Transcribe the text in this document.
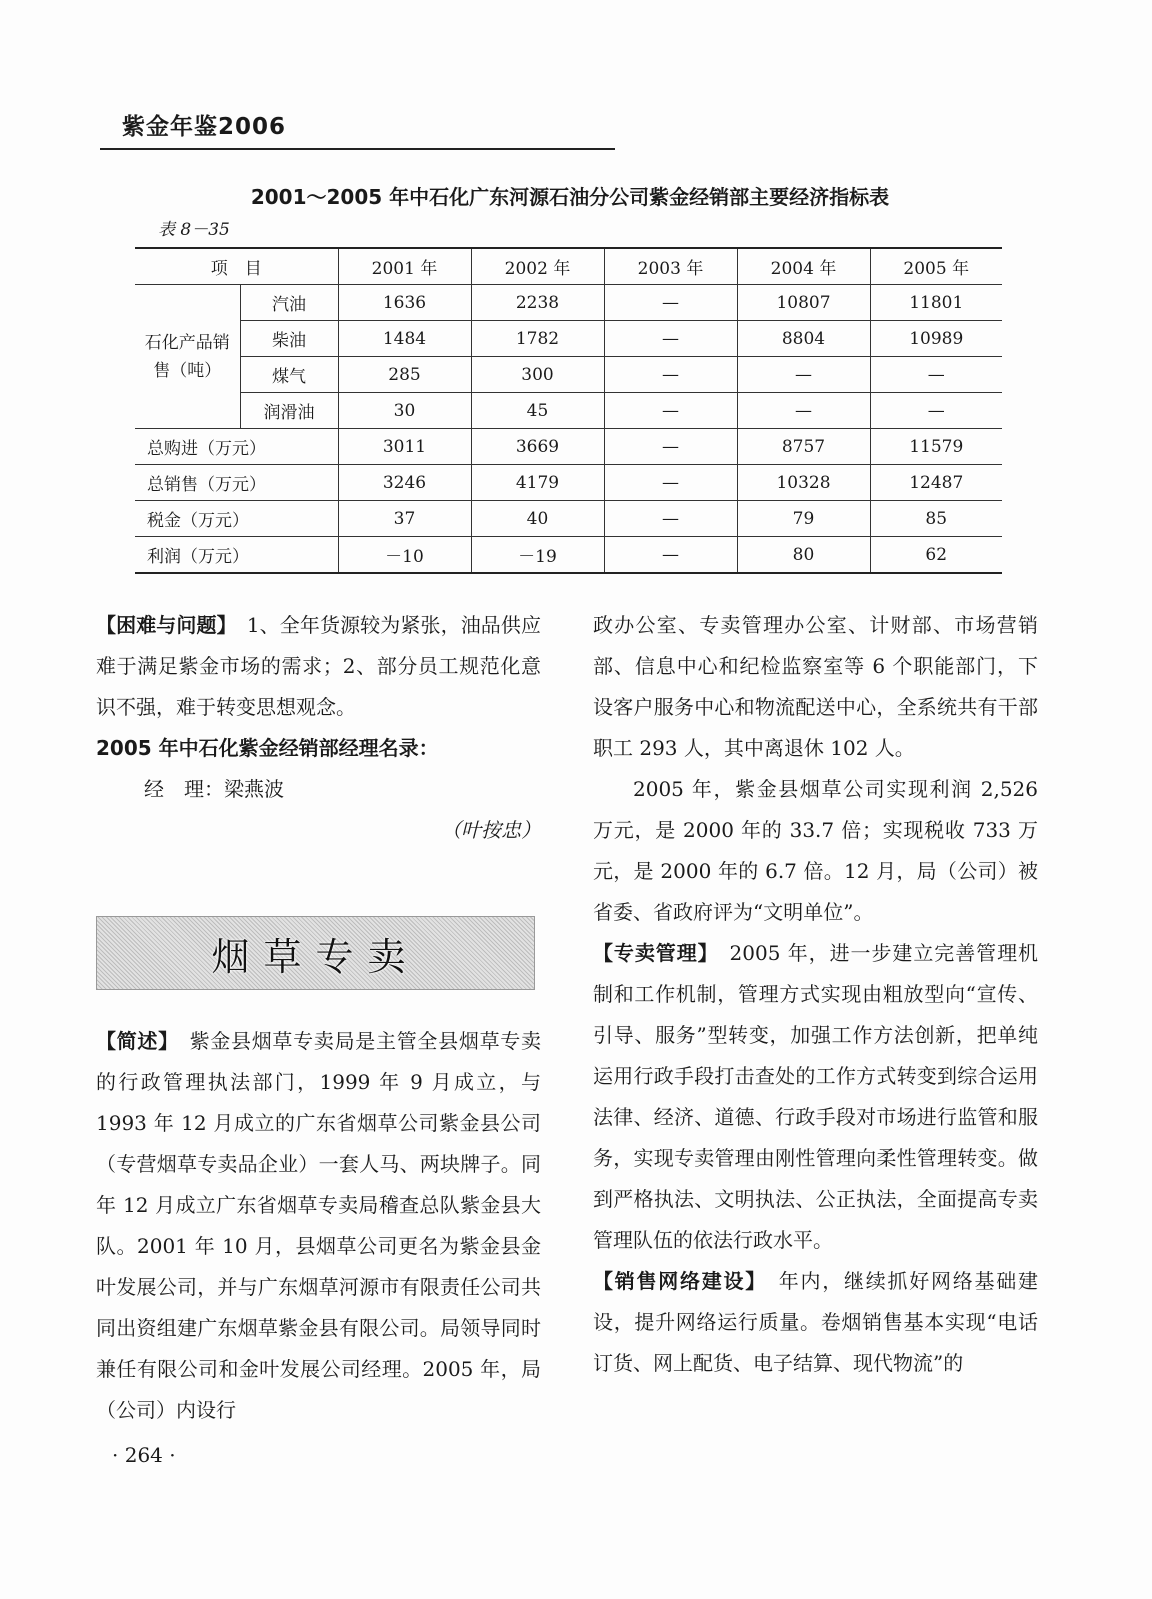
紫金年鉴2006
2001～2005 年中石化广东河源石油分公司紫金经销部主要经济指标表
表 8－35
项　目		2001 年	2002 年	2003 年	2004 年	2005 年
石化产品销售（吨）	汽油	1636	2238	—	10807	11801
	柴油	1484	1782	—	8804	10989
	煤气	285	300	—	—	—
	润滑油	30	45	—	—	—
总购进（万元）		3011	3669	—	8757	11579
总销售（万元）		3246	4179	—	10328	12487
税金（万元）		37	40	—	79	85
利润（万元）		－10	－19	—	80	62

【困难与问题】　1、全年货源较为紧张，油品供应难于满足紫金市场的需求；2、部分员工规范化意识不强，难于转变思想观念。

2005 年中石化紫金经销部经理名录：

经　理：梁燕波

（叶按忠）

烟草专卖

【简述】　紫金县烟草专卖局是主管全县烟草专卖的行政管理执法部门，1999 年 9 月成立，与 1993 年 12 月成立的广东省烟草公司紫金县公司（专营烟草专卖品企业）一套人马、两块牌子。同年 12 月成立广东省烟草专卖局稽查总队紫金县大队。2001 年 10 月，县烟草公司更名为紫金县金叶发展公司，并与广东烟草河源市有限责任公司共同出资组建广东烟草紫金县有限公司。局领导同时兼任有限公司和金叶发展公司经理。2005 年，局（公司）内设行

政办公室、专卖管理办公室、计财部、市场营销部、信息中心和纪检监察室等 6 个职能部门，下设客户服务中心和物流配送中心，全系统共有干部职工 293 人，其中离退休 102 人。

2005 年，紫金县烟草公司实现利润 2,526 万元，是 2000 年的 33.7 倍；实现税收 733 万元，是 2000 年的 6.7 倍。12 月，局（公司）被省委、省政府评为“文明单位”。

【专卖管理】　2005 年，进一步建立完善管理机制和工作机制，管理方式实现由粗放型向“宣传、引导、服务”型转变，加强工作方法创新，把单纯运用行政手段打击查处的工作方式转变到综合运用法律、经济、道德、行政手段对市场进行监管和服务，实现专卖管理由刚性管理向柔性管理转变。做到严格执法、文明执法、公正执法，全面提高专卖管理队伍的依法行政水平。

【销售网络建设】　年内，继续抓好网络基础建设，提升网络运行质量。卷烟销售基本实现“电话订货、网上配货、电子结算、现代物流”的

· 264 ·
